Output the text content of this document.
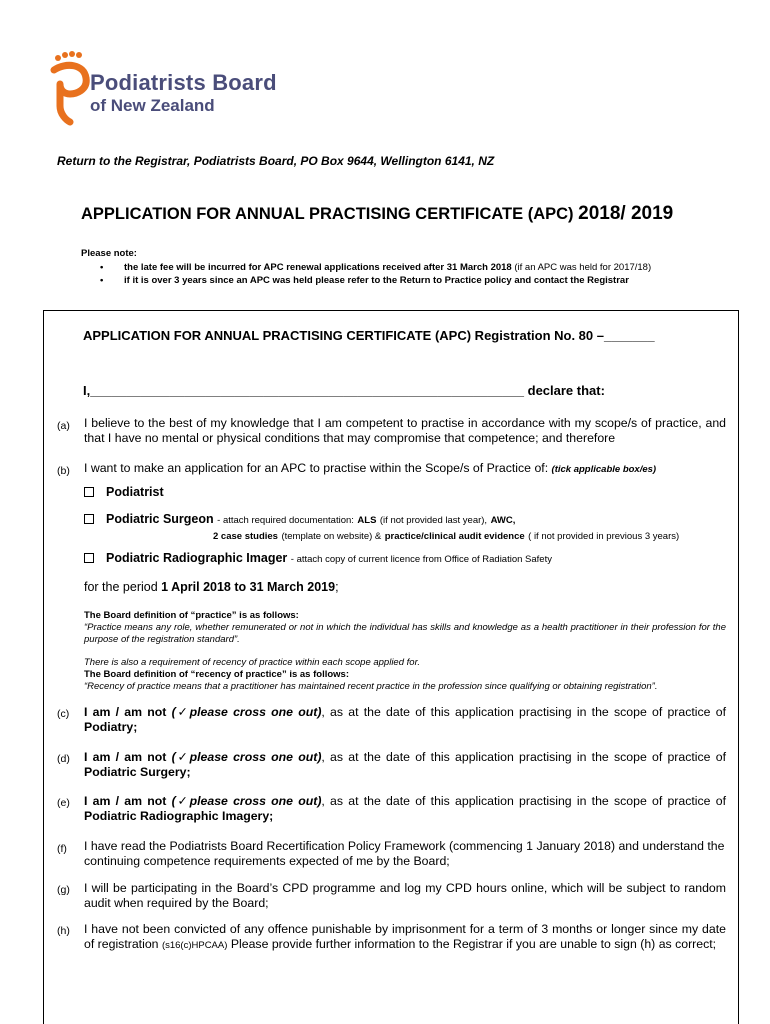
Podiatrists Board
of New Zealand
Return to the Registrar, Podiatrists Board, PO Box 9644, Wellington 6141, NZ
APPLICATION FOR ANNUAL PRACTISING CERTIFICATE (APC) 2018/ 2019
Please note:
• the late fee will be incurred for APC renewal applications received after 31 March 2018 (if an APC was held for 2017/18)
• if it is over 3 years since an APC was held please refer to the Return to Practice policy and contact the Registrar
APPLICATION FOR ANNUAL PRACTISING CERTIFICATE (APC) Registration No. 80 –_______
I,____________________________________________________________ declare that:
(a) I believe to the best of my knowledge that I am competent to practise in accordance with my scope/s of practice, and that I have no mental or physical conditions that may compromise that competence; and therefore
(b) I want to make an application for an APC to practise within the Scope/s of Practice of: (tick applicable box/es)
Podiatrist
Podiatric Surgeon - attach required documentation: ALS (if not provided last year), AWC,
2 case studies (template on website) & practice/clinical audit evidence ( if not provided in previous 3 years)
Podiatric Radiographic Imager - attach copy of current licence from Office of Radiation Safety
for the period 1 April 2018 to 31 March 2019;
The Board definition of “practice” is as follows:
“Practice means any role, whether remunerated or not in which the individual has skills and knowledge as a health practitioner in their profession for the purpose of the registration standard”.
There is also a requirement of recency of practice within each scope applied for.
The Board definition of “recency of practice” is as follows:
“Recency of practice means that a practitioner has maintained recent practice in the profession since qualifying or obtaining registration”.
(c) I am / am not (✓please cross one out), as at the date of this application practising in the scope of practice of Podiatry;
(d) I am / am not (✓please cross one out), as at the date of this application practising in the scope of practice of Podiatric Surgery;
(e) I am / am not (✓please cross one out), as at the date of this application practising in the scope of practice of Podiatric Radiographic Imagery;
(f) I have read the Podiatrists Board Recertification Policy Framework (commencing 1 January 2018) and understand the continuing competence requirements expected of me by the Board;
(g) I will be participating in the Board’s CPD programme and log my CPD hours online, which will be subject to random audit when required by the Board;
(h) I have not been convicted of any offence punishable by imprisonment for a term of 3 months or longer since my date of registration (s16(c)HPCAA) Please provide further information to the Registrar if you are unable to sign (h) as correct;
